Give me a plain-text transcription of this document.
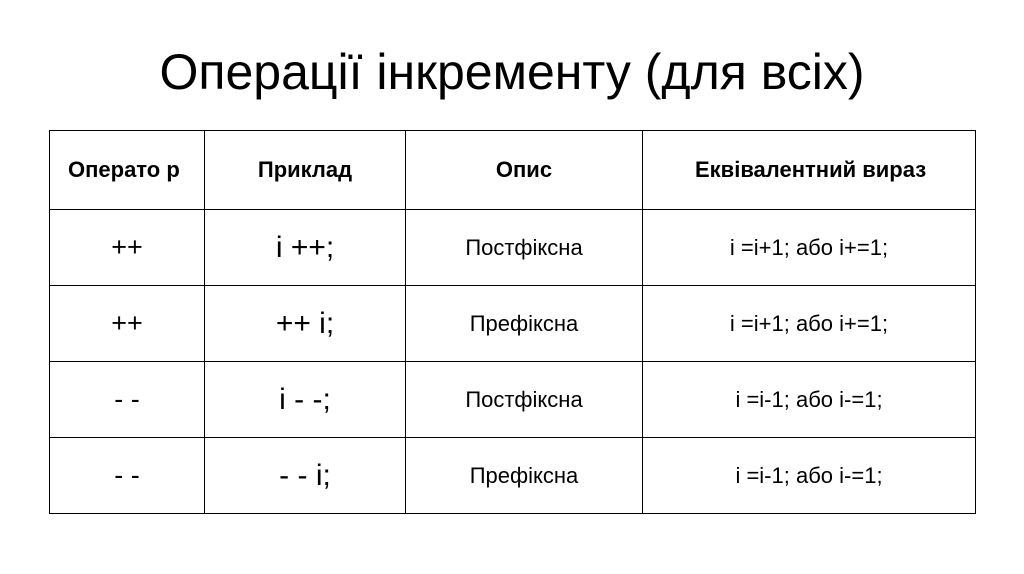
Операції інкременту (для всіх)
Операто р	Приклад	Опис	Еквівалентний вираз
++	i ++;	Постфіксна	i =i+1; або i+=1;
++	++ i;	Префіксна	i =i+1; або i+=1;
- -	i - -;	Постфіксна	i =i-1; або i-=1;
- -	- - i;	Префіксна	i =i-1; або i-=1;
